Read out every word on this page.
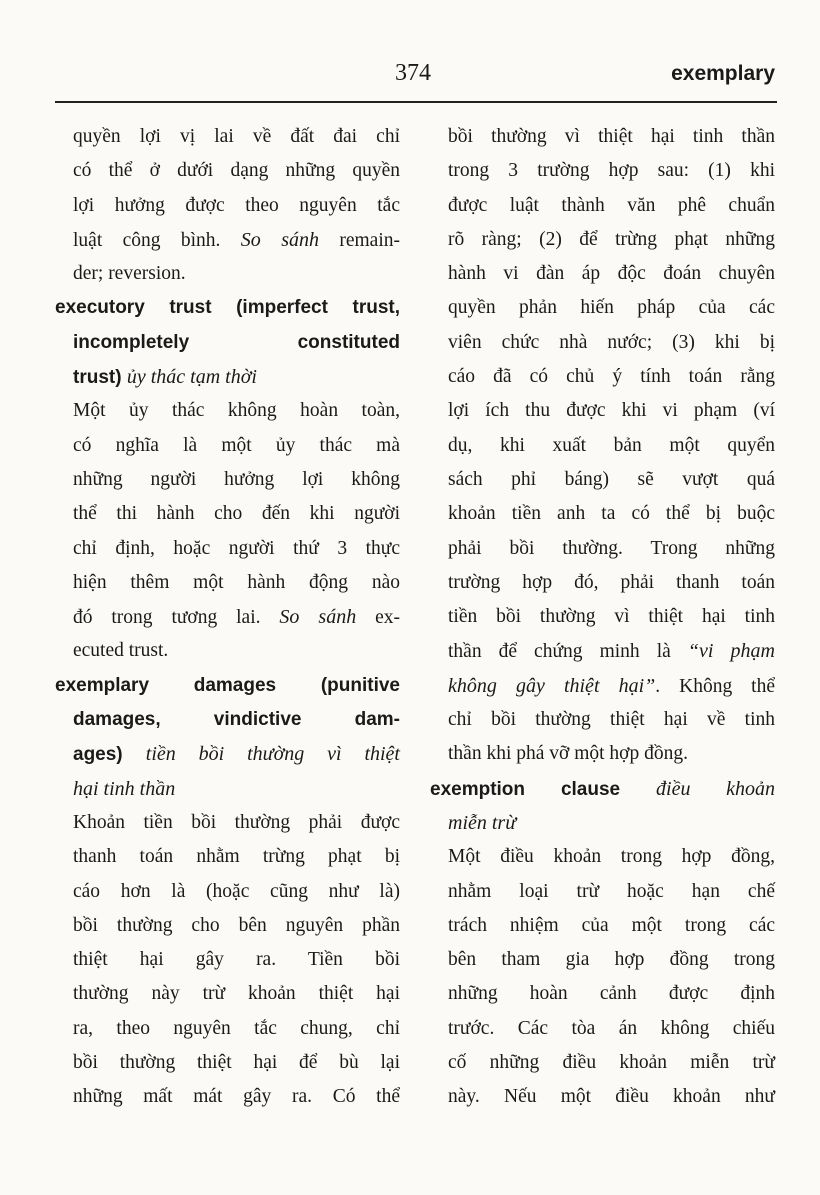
374	exemplary
quyền lợi vị lai về đất đai chỉ
có thể ở dưới dạng những quyền
lợi hưởng được theo nguyên tắc
luật công bình. So sánh remain-
der; reversion.
executory trust (imperfect trust,
incompletely constituted
trust) ủy thác tạm thời
Một ủy thác không hoàn toàn,
có nghĩa là một ủy thác mà
những người hưởng lợi không
thể thi hành cho đến khi người
chỉ định, hoặc người thứ 3 thực
hiện thêm một hành động nào
đó trong tương lai. So sánh ex-
ecuted trust.
exemplary damages (punitive
damages, vindictive dam-
ages) tiền bồi thường vì thiệt
hại tinh thần
Khoản tiền bồi thường phải được
thanh toán nhằm trừng phạt bị
cáo hơn là (hoặc cũng như là)
bồi thường cho bên nguyên phần
thiệt hại gây ra. Tiền bồi
thường này trừ khoản thiệt hại
ra, theo nguyên tắc chung, chỉ
bồi thường thiệt hại để bù lại
những mất mát gây ra. Có thể
bồi thường vì thiệt hại tinh thần
trong 3 trường hợp sau: (1) khi
được luật thành văn phê chuẩn
rõ ràng; (2) để trừng phạt những
hành vi đàn áp độc đoán chuyên
quyền phản hiến pháp của các
viên chức nhà nước; (3) khi bị
cáo đã có chủ ý tính toán rằng
lợi ích thu được khi vi phạm (ví
dụ, khi xuất bản một quyển
sách phỉ báng) sẽ vượt quá
khoản tiền anh ta có thể bị buộc
phải bồi thường. Trong những
trường hợp đó, phải thanh toán
tiền bồi thường vì thiệt hại tinh
thần để chứng minh là “vi phạm
không gây thiệt hại”. Không thể
chỉ bồi thường thiệt hại về tinh
thần khi phá vỡ một hợp đồng.
exemption clause điều khoản
miễn trừ
Một điều khoản trong hợp đồng,
nhằm loại trừ hoặc hạn chế
trách nhiệm của một trong các
bên tham gia hợp đồng trong
những hoàn cảnh được định
trước. Các tòa án không chiếu
cố những điều khoản miễn trừ
này. Nếu một điều khoản như
